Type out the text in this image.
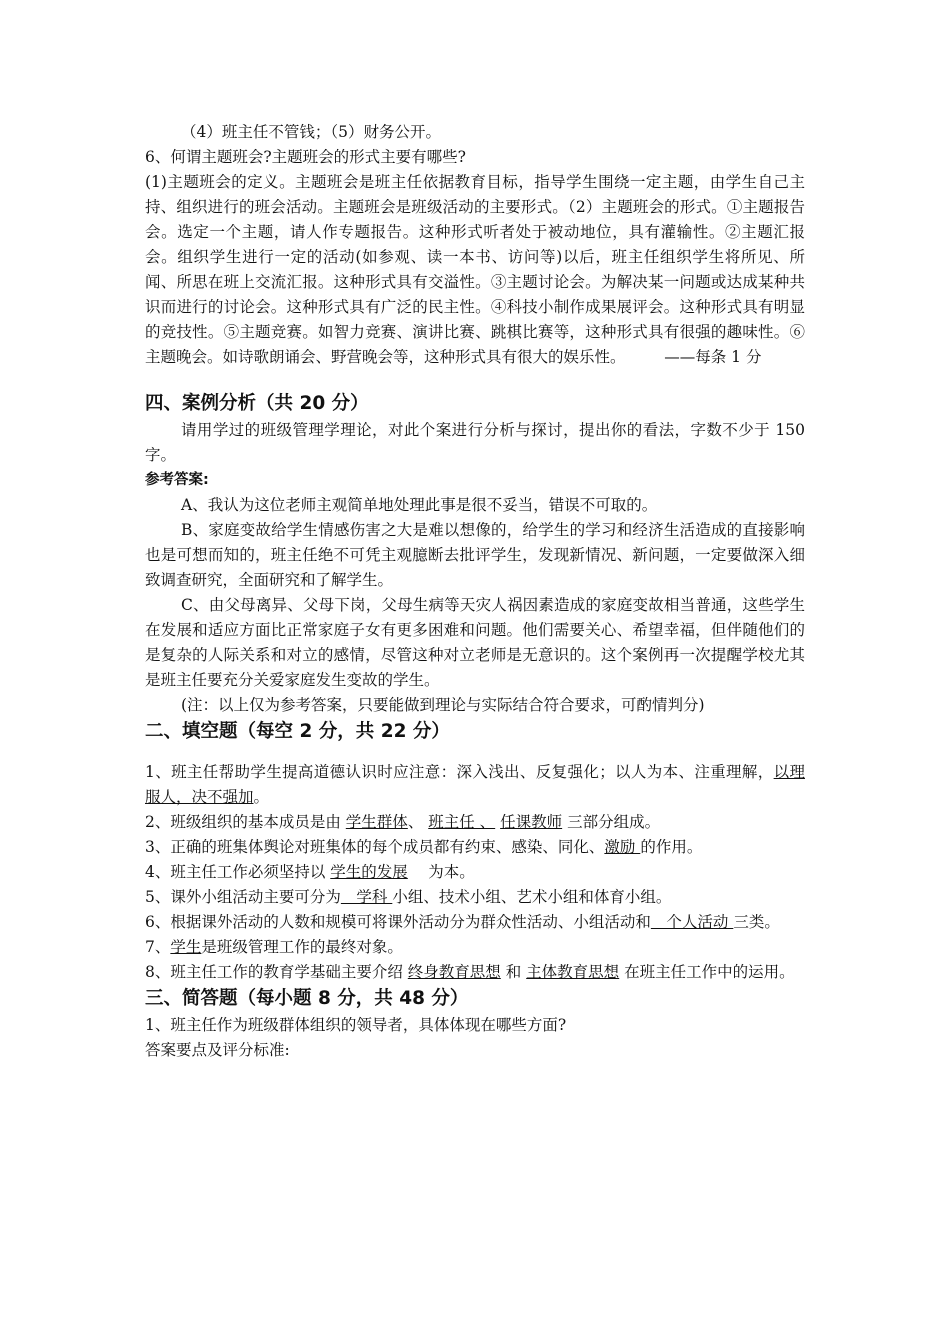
（4）班主任不管钱；（5）财务公开。

6、何谓主题班会?主题班会的形式主要有哪些?

(1)主题班会的定义。主题班会是班主任依据教育目标，指导学生围绕一定主题，由学生自己主持、组织进行的班会活动。主题班会是班级活动的主要形式。（2）主题班会的形式。①主题报告会。选定一个主题，请人作专题报告。这种形式听者处于被动地位，具有灌输性。②主题汇报会。组织学生进行一定的活动(如参观、读一本书、访问等)以后，班主任组织学生将所见、所闻、所思在班上交流汇报。这种形式具有交溢性。③主题讨论会。为解决某一问题或达成某种共识而进行的讨论会。这种形式具有广泛的民主性。④科技小制作成果展评会。这种形式具有明显的竞技性。⑤主题竞赛。如智力竞赛、演讲比赛、跳棋比赛等，这种形式具有很强的趣味性。⑥主题晚会。如诗歌朗诵会、野营晚会等，这种形式具有很大的娱乐性。　　　——每条 1 分

四、案例分析（共 20 分）

请用学过的班级管理学理论，对此个案进行分析与探讨，提出你的看法，字数不少于 150 字。

参考答案:

A、我认为这位老师主观简单地处理此事是很不妥当，错误不可取的。

B、家庭变故给学生情感伤害之大是难以想像的，给学生的学习和经济生活造成的直接影响也是可想而知的，班主任绝不可凭主观臆断去批评学生，发现新情况、新问题，一定要做深入细致调查研究，全面研究和了解学生。

C、由父母离异、父母下岗，父母生病等天灾人祸因素造成的家庭变故相当普通，这些学生在发展和适应方面比正常家庭子女有更多困难和问题。他们需要关心、希望幸福，但伴随他们的是复杂的人际关系和对立的感情，尽管这种对立老师是无意识的。这个案例再一次提醒学校尤其是班主任要充分关爱家庭发生变故的学生。

(注：以上仅为参考答案，只要能做到理论与实际结合符合要求，可酌情判分)

二、填空题（每空 2 分，共 22 分）

1、班主任帮助学生提高道德认识时应注意：深入浅出、反复强化；以人为本、注重理解，以理服人，决不强加。

2、班级组织的基本成员是由 学生群体、 班主任 、 任课教师 三部分组成。

3、正确的班集体舆论对班集体的每个成员都有约束、感染、同化、激励 的作用。

4、班主任工作必须坚持以 学生的发展　 为本。

5、课外小组活动主要可分为　学科 小组、技术小组、艺术小组和体育小组。

6、根据课外活动的人数和规模可将课外活动分为群众性活动、小组活动和　个人活动 三类。

7、学生是班级管理工作的最终对象。

8、班主任工作的教育学基础主要介绍 终身教育思想 和 主体教育思想 在班主任工作中的运用。

三、简答题（每小题 8 分，共 48 分）

1、班主任作为班级群体组织的领导者，具体体现在哪些方面?

答案要点及评分标准:
